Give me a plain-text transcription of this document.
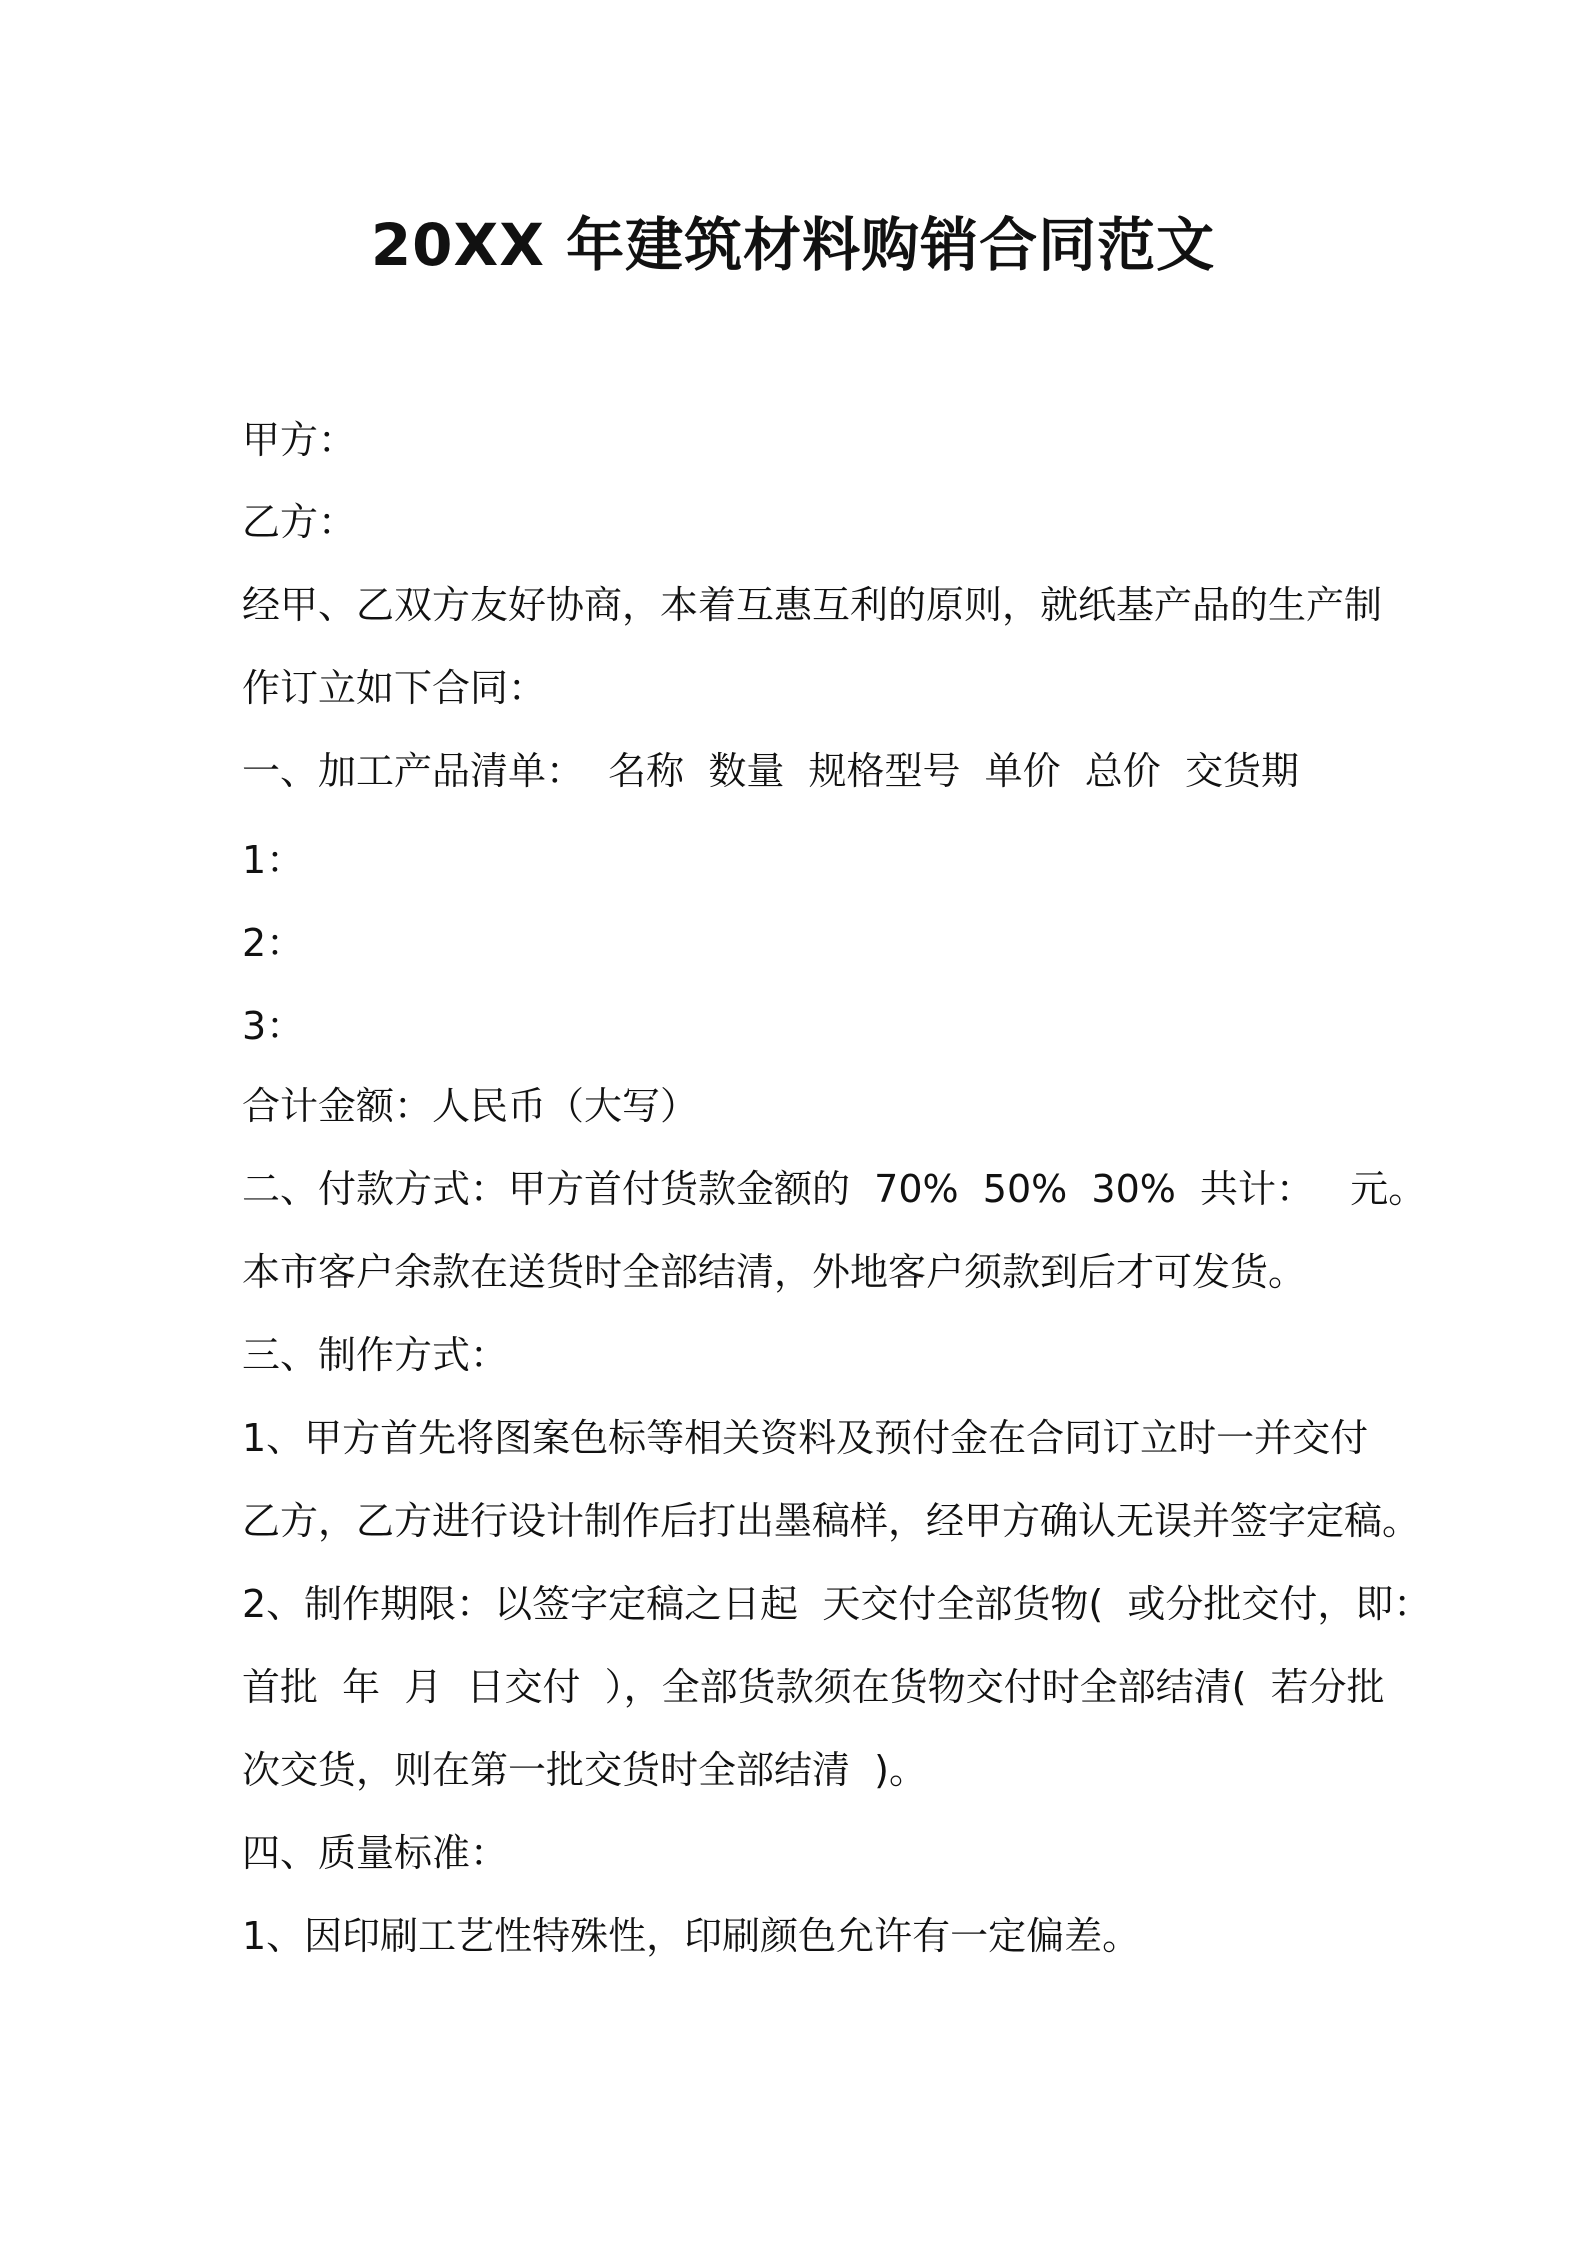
20XX 年建筑材料购销合同范文
甲方：
乙方：
经甲、乙双方友好协商，本着互惠互利的原则，就纸基产品的生产制
作订立如下合同：
一、加工产品清单：  名称  数量  规格型号  单价  总价  交货期
1：
2：
3：
合计金额：人民币（大写）
二、付款方式：甲方首付货款金额的  70%  50%  30%  共计：   元。
本市客户余款在送货时全部结清，外地客户须款到后才可发货。
三、制作方式：
1、甲方首先将图案色标等相关资料及预付金在合同订立时一并交付
乙方，乙方进行设计制作后打出墨稿样，经甲方确认无误并签字定稿。
2、制作期限：以签字定稿之日起  天交付全部货物(  或分批交付，即：
首批  年  月  日交付  ），全部货款须在货物交付时全部结清(  若分批
次交货，则在第一批交货时全部结清  )。
四、质量标准：
1、因印刷工艺性特殊性，印刷颜色允许有一定偏差。
